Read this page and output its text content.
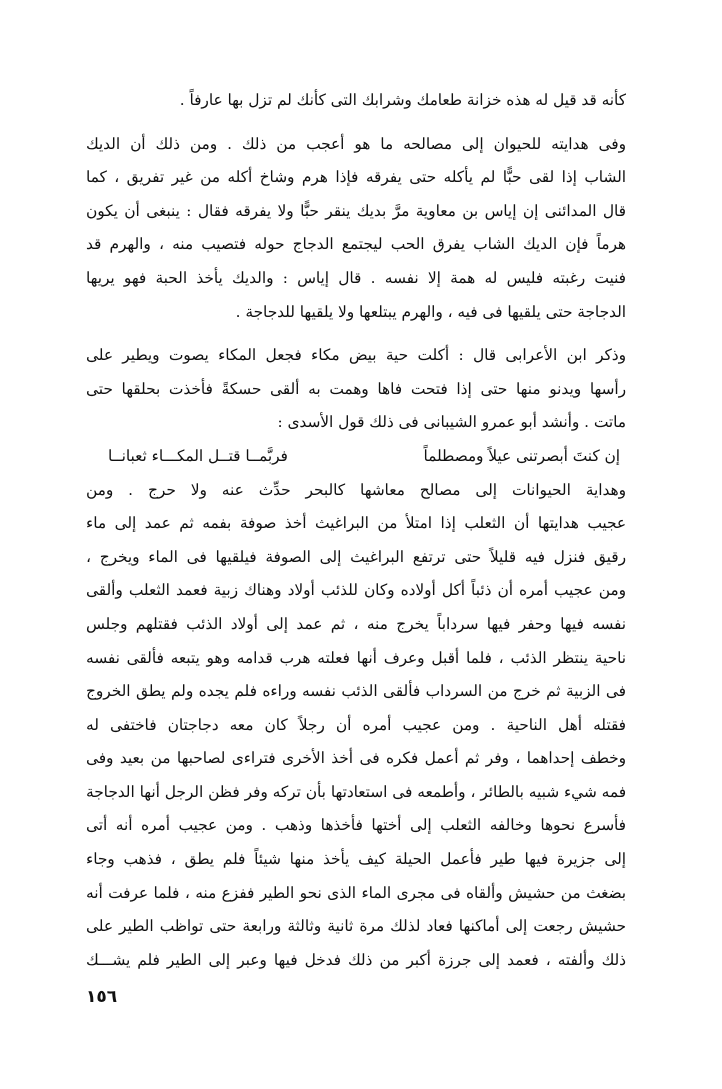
كأنه قد قيل له هذه خزانة طعامك وشرابك التى كأنك لم تزل بها عارفاً .
وفى هدايته للحيوان إلى مصالحه ما هو أعجب من ذلك . ومن ذلك أن الديك
الشاب إذا لقى حبًّا لم يأكله حتى يفرقه فإذا هرم وشاخ أكله من غير تفريق ، كما
قال المدائنى إن إياس بن معاوية مرَّ بديك ينقر حبًّا ولا يفرقه فقال : ينبغى أن يكون
هرماً فإن الديك الشاب يفرق الحب ليجتمع الدجاج حوله فتصيب منه ، والهرم قد
فنيت رغبته فليس له همة إلا نفسه . قال إياس : والديك يأخذ الحبة فهو يريها
الدجاجة حتى يلقيها فى فيه ، والهرم يبتلعها ولا يلقيها للدجاجة .
وذكر ابن الأعرابى قال : أكلت حية بيض مكاء فجعل المكاء يصوت ويطير على
رأسها ويدنو منها حتى إذا فتحت فاها وهمت به ألقى حسكةً فأخذت بحلقها حتى
ماتت . وأنشد أبو عمرو الشيبانى فى ذلك قول الأسدى :
إن كنتَ أبصرتنى عيلاً ومصطلماً
فربَّمــا قتــل المكـــاء ثعبانــا
وهداية الحيوانات إلى مصالح معاشها كالبحر حدِّث عنه ولا حرج . ومن
عجيب هدايتها أن الثعلب إذا امتلأ من البراغيث أخذ صوفة بفمه ثم عمد إلى ماء
رقيق فنزل فيه قليلاً حتى ترتفع البراغيث إلى الصوفة فيلقيها فى الماء ويخرج ،
ومن عجيب أمره أن ذئباً أكل أولاده وكان للذئب أولاد وهناك زبية فعمد الثعلب وألقى
نفسه فيها وحفر فيها سرداباً يخرج منه ، ثم عمد إلى أولاد الذئب فقتلهم وجلس
ناحية ينتظر الذئب ، فلما أقبل وعرف أنها فعلته هرب قدامه وهو يتبعه فألقى نفسه
فى الزبية ثم خرج من السرداب فألقى الذئب نفسه وراءه فلم يجده ولم يطق الخروج
فقتله أهل الناحية . ومن عجيب أمره أن رجلاً كان معه دجاجتان فاختفى له
وخطف إحداهما ، وفر ثم أعمل فكره فى أخذ الأخرى فتراءى لصاحبها من بعيد وفى
فمه شيء شبيه بالطائر ، وأطمعه فى استعادتها بأن تركه وفر فظن الرجل أنها الدجاجة
فأسرع نحوها وخالفه الثعلب إلى أختها فأخذها وذهب . ومن عجيب أمره أنه أتى
إلى جزيرة فيها طير فأعمل الحيلة كيف يأخذ منها شيئاً فلم يطق ، فذهب وجاء
بضغث من حشيش وألقاه فى مجرى الماء الذى نحو الطير ففزع منه ، فلما عرفت أنه
حشيش رجعت إلى أماكنها فعاد لذلك مرة ثانية وثالثة ورابعة حتى تواظب الطير على
ذلك وألفته ، فعمد إلى جرزة أكبر من ذلك فدخل فيها وعبر إلى الطير فلم يشـــك
١٥٦
